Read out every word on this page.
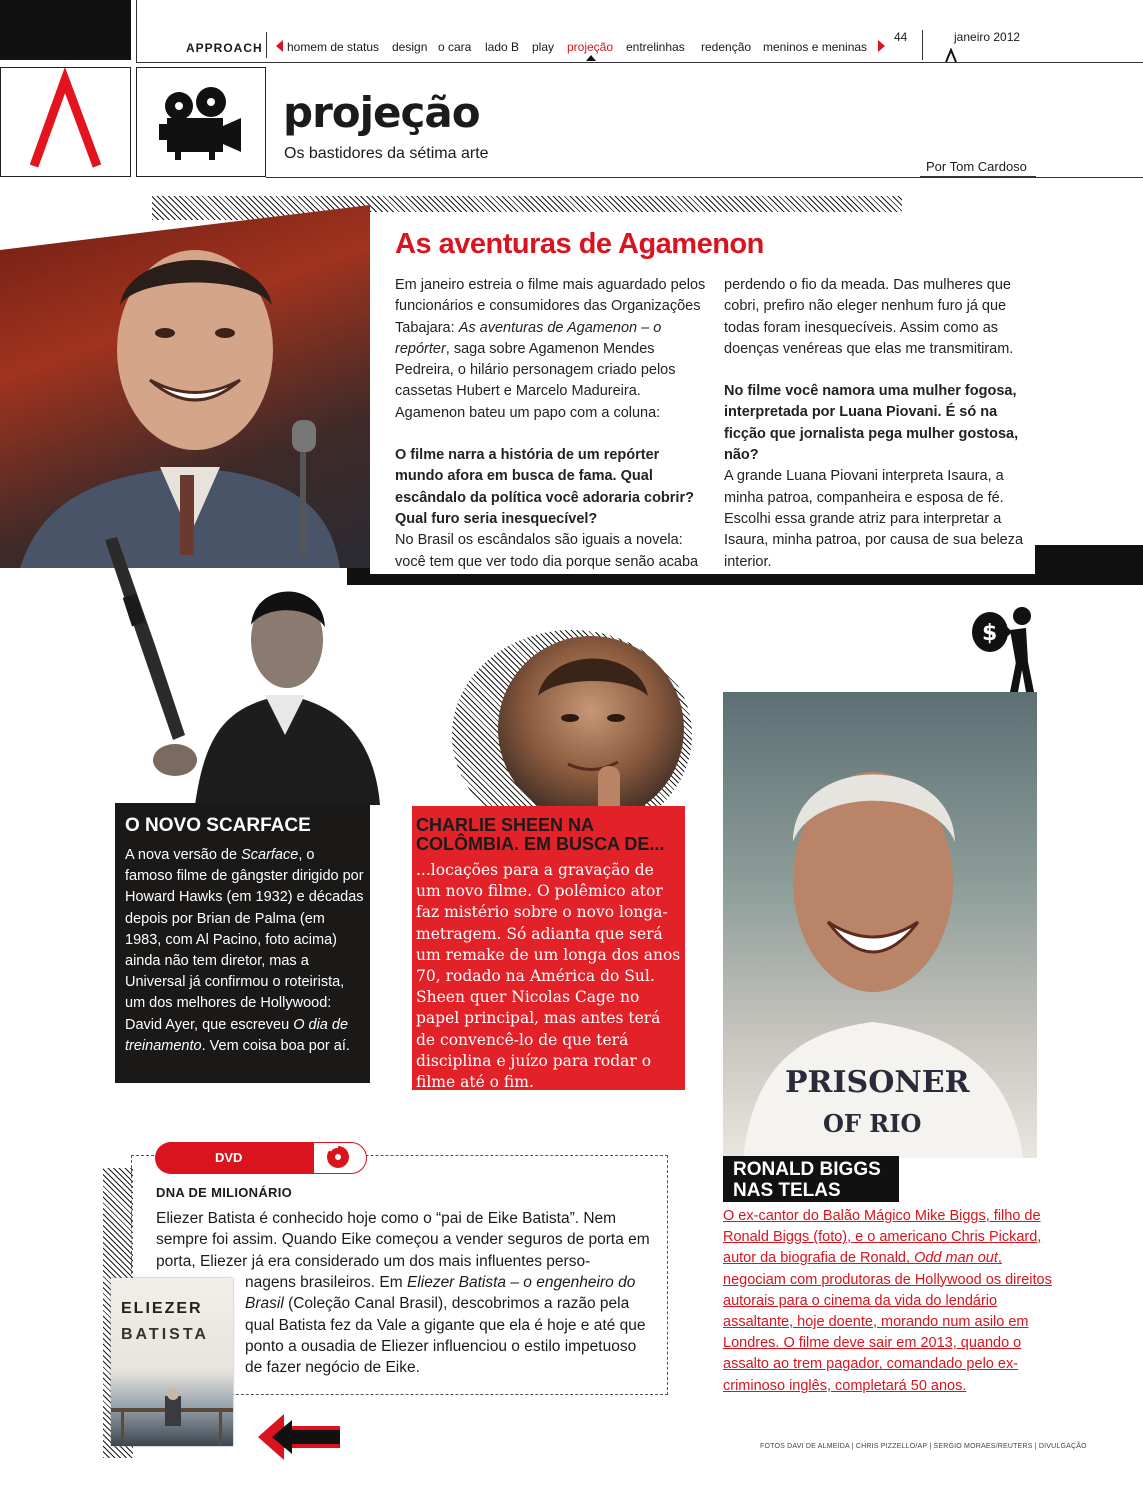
APPROACH homem de status design o cara lado B play projeção entrelinhas redenção meninos e meninas
44	janeiro 2012
projeção
Os bastidores da sétima arte
Por Tom Cardoso
As aventuras de Agamenon

Em janeiro estreia o filme mais aguardado pelos funcionários e consumidores das Organizações Tabajara: As aventuras de Agamenon – o repórter, saga sobre Agamenon Mendes Pedreira, o hilário personagem criado pelos cassetas Hubert e Marcelo Madureira. Agamenon bateu um papo com a coluna:

O filme narra a história de um repórter mundo afora em busca de fama. Qual escândalo da política você adoraria cobrir? Qual furo seria inesquecível?
No Brasil os escândalos são iguais a novela: você tem que ver todo dia porque senão acaba

perdendo o fio da meada. Das mulheres que cobri, prefiro não eleger nenhum furo já que todas foram inesquecíveis. Assim como as doenças venéreas que elas me transmitiram.

No filme você namora uma mulher fogosa, interpretada por Luana Piovani. É só na ficção que jornalista pega mulher gostosa, não?
A grande Luana Piovani interpreta Isaura, a minha patroa, companheira e esposa de fé. Escolhi essa grande atriz para interpretar a Isaura, minha patroa, por causa de sua beleza interior.
O NOVO SCARFACE
A nova versão de Scarface, o famoso filme de gângster dirigido por Howard Hawks (em 1932) e décadas depois por Brian de Palma (em 1983, com Al Pacino, foto acima) ainda não tem diretor, mas a Universal já confirmou o roteirista, um dos melhores de Hollywood: David Ayer, que escreveu O dia de treinamento. Vem coisa boa por aí.
CHARLIE SHEEN NA COLÔMBIA. EM BUSCA DE...
...locações para a gravação de um novo filme. O polêmico ator faz mistério sobre o novo longa-metragem. Só adianta que será um remake de um longa dos anos 70, rodado na América do Sul. Sheen quer Nicolas Cage no papel principal, mas antes terá de convencê-lo de que terá disciplina e juízo para rodar o filme até o fim.
$
PRISONER
OF RIO
RONALD BIGGS NAS TELAS
O ex-cantor do Balão Mágico Mike Biggs, filho de Ronald Biggs (foto), e o americano Chris Pickard, autor da biografia de Ronald, Odd man out, negociam com produtoras de Hollywood os direitos autorais para o cinema da vida do lendário assaltante, hoje doente, morando num asilo em Londres. O filme deve sair em 2013, quando o assalto ao trem pagador, comandado pelo ex-criminoso inglês, completará 50 anos.
DVD
DNA DE MILIONÁRIO
Eliezer Batista é conhecido hoje como o “pai de Eike Batista”. Nem sempre foi assim. Quando Eike começou a vender seguros de porta em porta, Eliezer já era considerado um dos mais influentes perso-
nagens brasileiros. Em Eliezer Batista – o engenheiro do Brasil (Coleção Canal Brasil), descobrimos a razão pela qual Batista fez da Vale a gigante que ela é hoje e até que ponto a ousadia de Eliezer influenciou o estilo impetuoso de fazer negócio de Eike.
ELIEZER
BATISTA
FOTOS DAVI DE ALMEIDA | CHRIS PIZZELLO/AP | SERGIO MORAES/REUTERS | DIVULGAÇÃO
